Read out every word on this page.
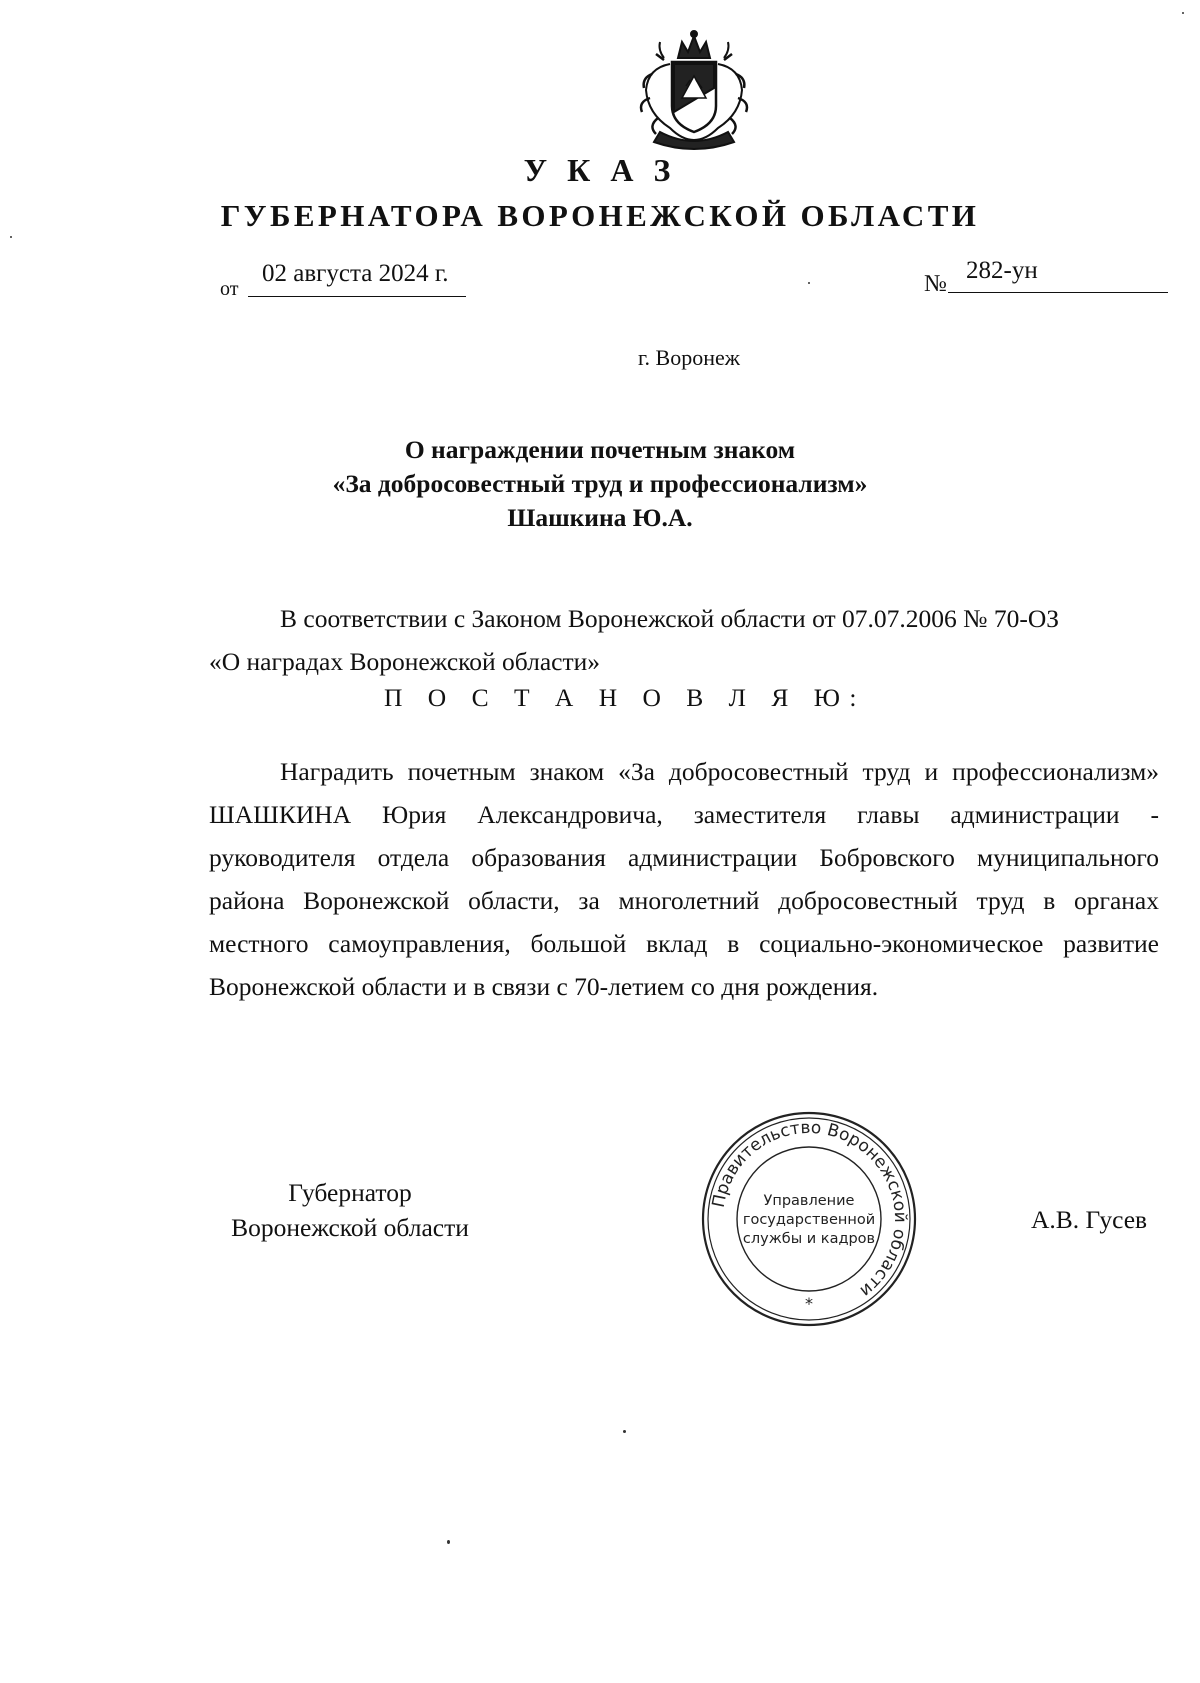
У К А З
ГУБЕРНАТОРА ВОРОНЕЖСКОЙ ОБЛАСТИ
от
02 августа 2024 г.	№ 282-ун
г. Воронеж
О награждении почетным знаком
«За добросовестный труд и профессионализм»
Шашкина Ю.А.
В соответствии с Законом Воронежской области от 07.07.2006 № 70-ОЗ
«О наградах Воронежской области»
П О С Т А Н О В Л Я Ю:

Наградить почетным знаком «За добросовестный труд и профессионализм» ШАШКИНА Юрия Александровича, заместителя главы администрации - руководителя отдела образования администрации Бобровского муниципального района Воронежской области, за многолетний добросовестный труд в органах местного самоуправления, большой вклад в социально-экономическое развитие Воронежской области и в связи с 70-летием со дня рождения.

Губернатор
Воронежской области	А.В. Гусев
Правительство Воронежской области
*
Управление
государственной
службы и кадров
